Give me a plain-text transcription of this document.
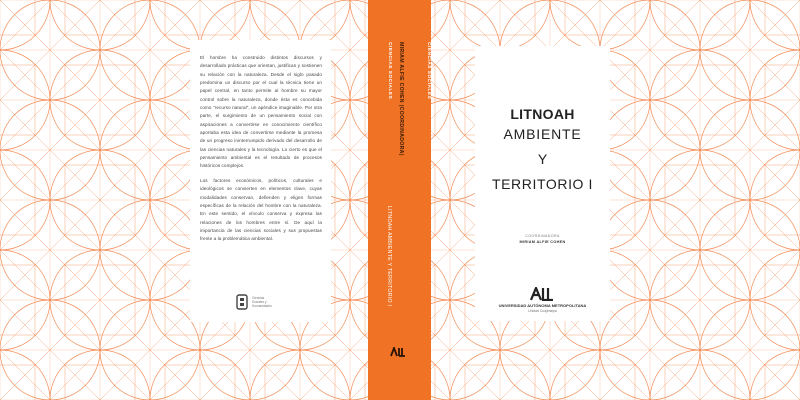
El hombre ha construido distintos discursos y desarrollado prácticas que orientan, justifican y sostienen su relación con la naturaleza. Desde el siglo pasado predomina un discurso por el cual la técnica tiene un papel central, en tanto permite al hombre su mayor control sobre la naturaleza, donde ésta es concebida como “recurso natural”, un apéndice imaginable. Por otra parte, el surgimiento de un pensamiento social con aspiraciones a convertirse en conocimiento científico aportaba esta idea de convertirse mediante la promesa de un progreso ininterrumpido derivado del desarrollo de las ciencias naturales y la tecnología. Lo cierto es que el pensamiento ambiental es el resultado de procesos históricos complejos.

Los factores económicos, políticos, culturales e ideológicos se convierten en elementos clave, cuyas modalidades conservan, defienden y eligen formas específicas de la relación del hombre con la naturaleza. En este sentido, el vínculo conserva y expresa las relaciones de los hombres entre sí. De aquí la importancia de las ciencias sociales y sus propuestas frente a la problemática ambiental.

Ciencias
Sociales y
Humanidades
CIENCIAS SOCIALES MIRIAM ALFIE COHEN (COORDINADORA)	CIENCIAS SOCIALES
LITNOAH AMBIENTE Y TERRITORIO I
LITNOAH
AMBIENTE
Y
TERRITORIO I
COORDINADORA
MIRIAM ALFIE COHEN
UNIVERSIDAD AUTÓNOMA METROPOLITANA
Unidad Cuajimalpa
